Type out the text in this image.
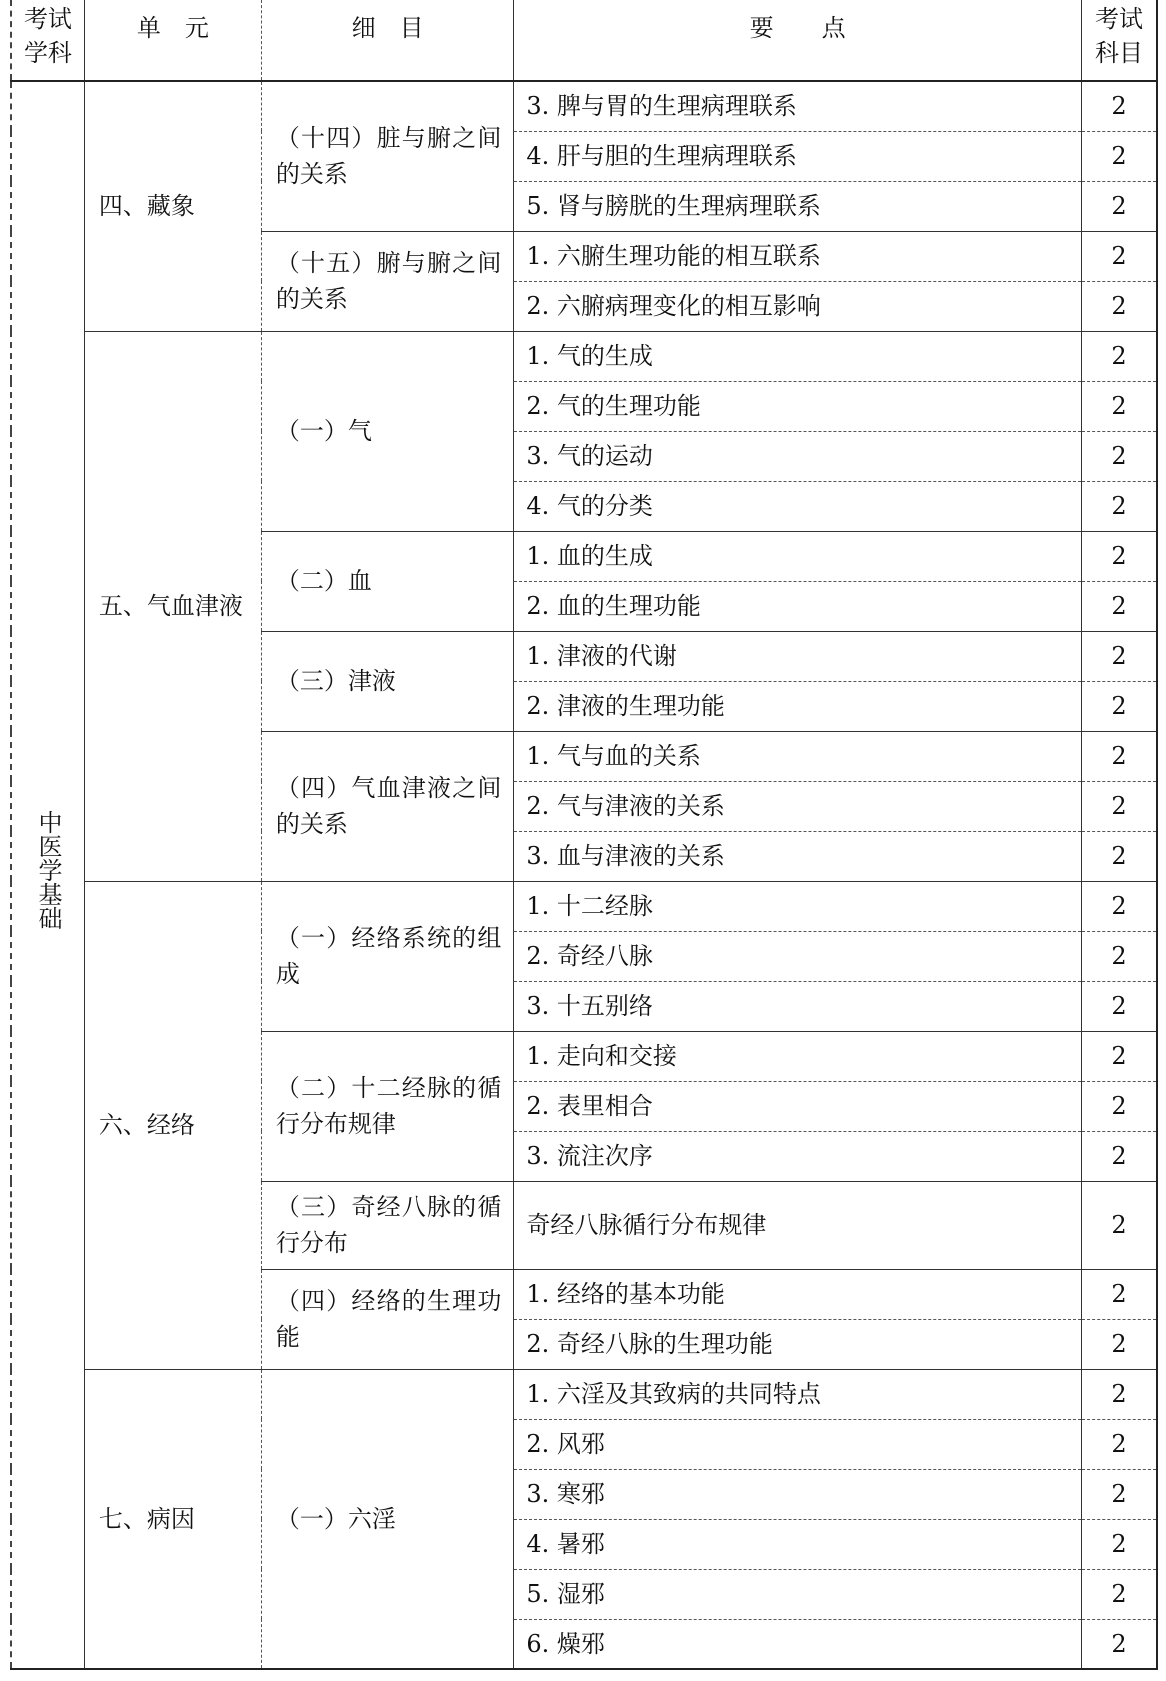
考试
学科	单　元	细　目	要　　点	考试
科目

中医学基础	四、藏象	（十四）脏与腑之间的关系	3. 脾与胃的生理病理联系	2
			4. 肝与胆的生理病理联系	2
			5. 肾与膀胱的生理病理联系	2
		（十五）腑与腑之间的关系	1. 六腑生理功能的相互联系	2
			2. 六腑病理变化的相互影响	2
	五、气血津液	（一）气	1. 气的生成	2
			2. 气的生理功能	2
			3. 气的运动	2
			4. 气的分类	2
		（二）血	1. 血的生成	2
			2. 血的生理功能	2
		（三）津液	1. 津液的代谢	2
			2. 津液的生理功能	2
		（四）气血津液之间的关系	1. 气与血的关系	2
			2. 气与津液的关系	2
			3. 血与津液的关系	2
	六、经络	（一）经络系统的组成	1. 十二经脉	2
			2. 奇经八脉	2
			3. 十五别络	2
		（二）十二经脉的循行分布规律	1. 走向和交接	2
			2. 表里相合	2
			3. 流注次序	2
		（三）奇经八脉的循行分布	奇经八脉循行分布规律	2
		（四）经络的生理功能	1. 经络的基本功能	2
			2. 奇经八脉的生理功能	2
	七、病因	（一）六淫	1. 六淫及其致病的共同特点	2
			2. 风邪	2
			3. 寒邪	2
			4. 暑邪	2
			5. 湿邪	2
			6. 燥邪	2
